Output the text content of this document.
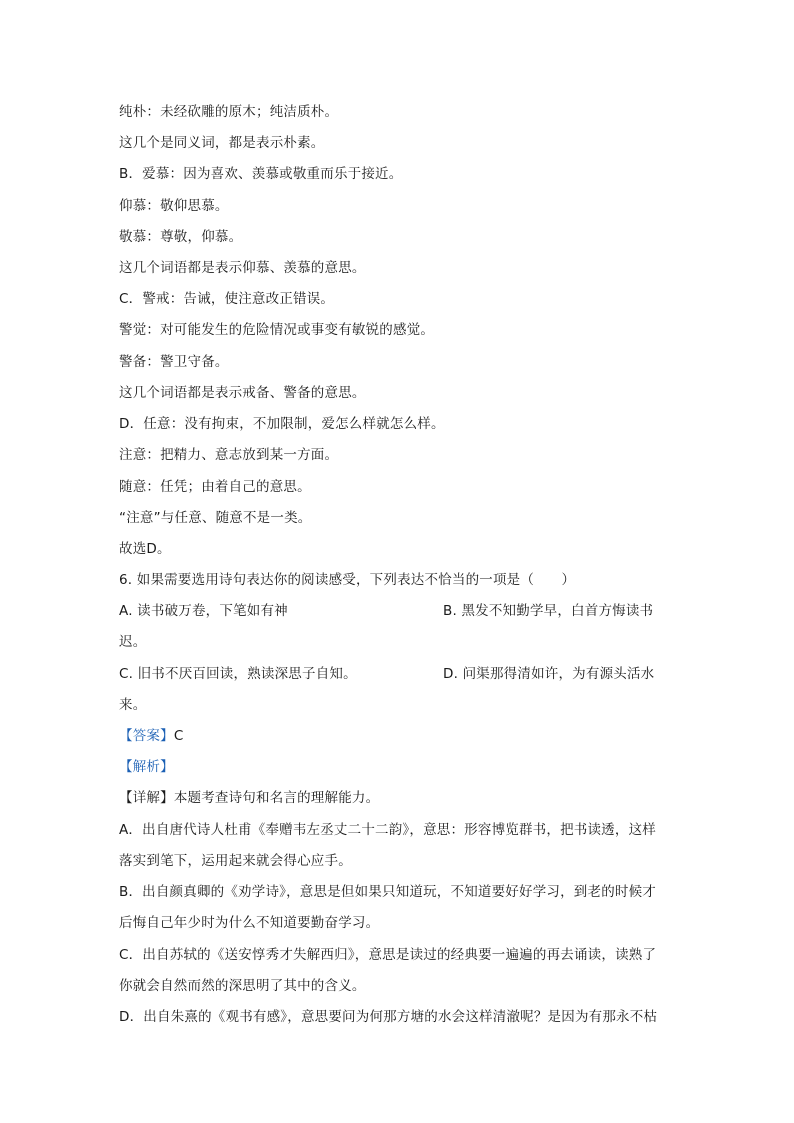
纯朴：未经砍雕的原木；纯洁质朴。
这几个是同义词，都是表示朴素。
B．爱慕：因为喜欢、羡慕或敬重而乐于接近。
仰慕：敬仰思慕。
敬慕：尊敬，仰慕。
这几个词语都是表示仰慕、羡慕的意思。
C．警戒：告诫，使注意改正错误。
警觉：对可能发生的危险情况或事变有敏锐的感觉。
警备：警卫守备。
这几个词语都是表示戒备、警备的意思。
D．任意：没有拘束，不加限制，爱怎么样就怎么样。
注意：把精力、意志放到某一方面。
随意：任凭；由着自己的意思。
“注意”与任意、随意不是一类。
故选D。
6. 如果需要选用诗句表达你的阅读感受，下列表达不恰当的一项是（　　）
A. 读书破万卷，下笔如有神	B. 黑发不知勤学早，白首方悔读书
迟。
C. 旧书不厌百回读，熟读深思子自知。	D. 问渠那得清如许，为有源头活水
来。
【答案】C
【解析】
【详解】本题考查诗句和名言的理解能力。
A．出自唐代诗人杜甫《奉赠韦左丞丈二十二韵》，意思：形容博览群书，把书读透，这样
落实到笔下，运用起来就会得心应手。
B．出自颜真卿的《劝学诗》，意思是但如果只知道玩，不知道要好好学习，到老的时候才
后悔自己年少时为什么不知道要勤奋学习。
C．出自苏轼的《送安惇秀才失解西归》，意思是读过的经典要一遍遍的再去诵读，读熟了
你就会自然而然的深思明了其中的含义。
D．出自朱熹的《观书有感》，意思要问为何那方塘的水会这样清澈呢？是因为有那永不枯
